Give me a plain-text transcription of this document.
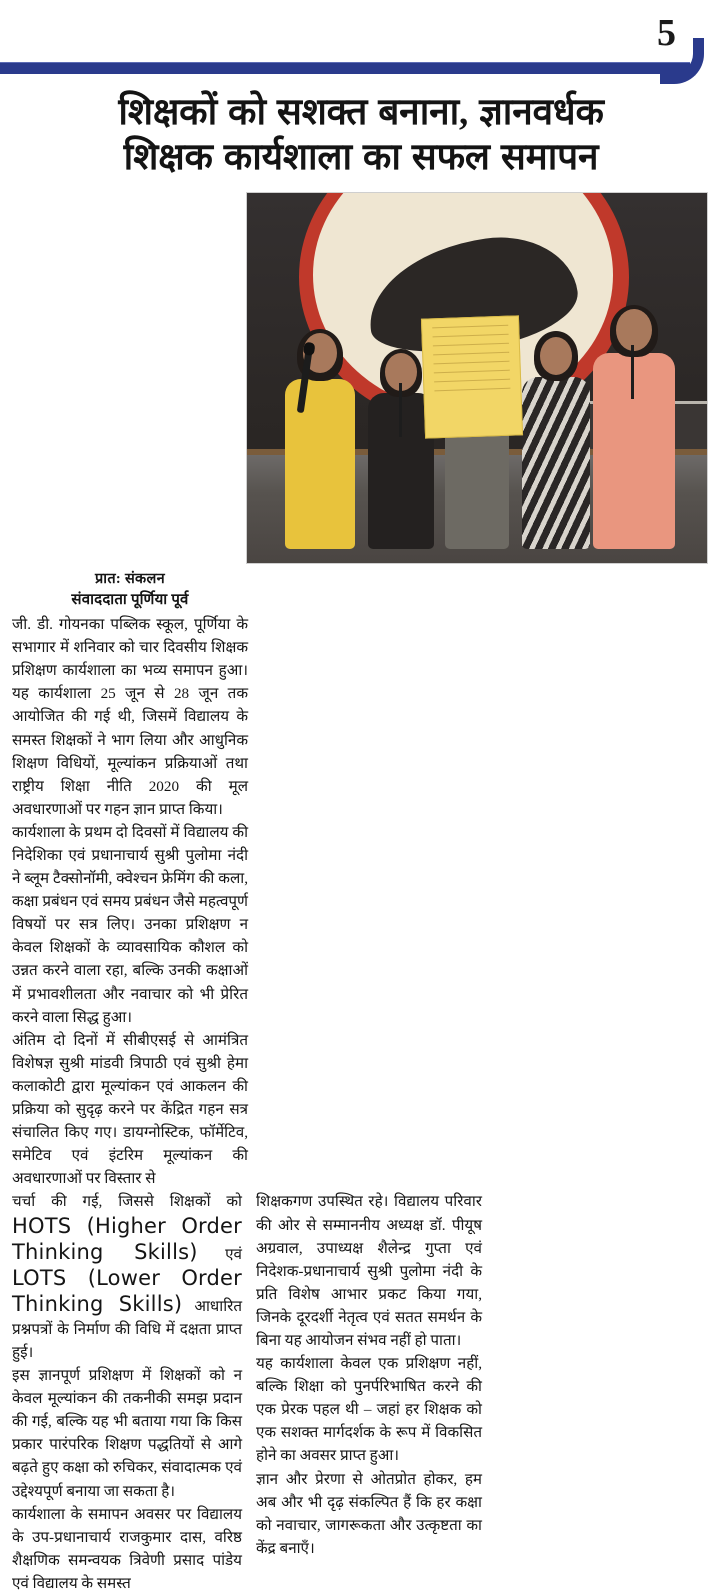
5
शिक्षकों को सशक्त बनाना, ज्ञानवर्धक
शिक्षक कार्यशाला का सफल समापन
प्रात: संकलन
संवाददाता पूर्णिया पूर्व

जी. डी. गोयनका पब्लिक स्कूल, पूर्णिया के सभागार में शनिवार को चार दिवसीय शिक्षक प्रशिक्षण कार्यशाला का भव्य समापन हुआ। यह कार्यशाला 25 जून से 28 जून तक आयोजित की गई थी, जिसमें विद्यालय के समस्त शिक्षकों ने भाग लिया और आधुनिक शिक्षण विधियों, मूल्यांकन प्रक्रियाओं तथा राष्ट्रीय शिक्षा नीति 2020 की मूल अवधारणाओं पर गहन ज्ञान प्राप्त किया।

कार्यशाला के प्रथम दो दिवसों में विद्यालय की निदेशिका एवं प्रधानाचार्य सुश्री पुलोमा नंदी ने ब्लूम टैक्सोनॉमी, क्वेश्चन फ्रेमिंग की कला, कक्षा प्रबंधन एवं समय प्रबंधन जैसे महत्वपूर्ण विषयों पर सत्र लिए। उनका प्रशिक्षण न केवल शिक्षकों के व्यावसायिक कौशल को उन्नत करने वाला रहा, बल्कि उनकी कक्षाओं में प्रभावशीलता और नवाचार को भी प्रेरित करने वाला सिद्ध हुआ।

अंतिम दो दिनों में सीबीएसई से आमंत्रित विशेषज्ञ सुश्री मांडवी त्रिपाठी एवं सुश्री हेमा कलाकोटी द्वारा मूल्यांकन एवं आकलन की प्रक्रिया को सुदृढ़ करने पर केंद्रित गहन सत्र संचालित किए गए। डायग्नोस्टिक, फॉर्मेटिव, समेटिव एवं इंटरिम मूल्यांकन की अवधारणाओं पर विस्तार से

चर्चा की गई, जिससे शिक्षकों को HOTS (Higher Order Thinking Skills) एवं LOTS (Lower Order Thinking Skills) आधारित प्रश्नपत्रों के निर्माण की विधि में दक्षता प्राप्त हुई।

इस ज्ञानपूर्ण प्रशिक्षण में शिक्षकों को न केवल मूल्यांकन की तकनीकी समझ प्रदान की गई, बल्कि यह भी बताया गया कि किस प्रकार पारंपरिक शिक्षण पद्धतियों से आगे बढ़ते हुए कक्षा को रुचिकर, संवादात्मक एवं उद्देश्यपूर्ण बनाया जा सकता है।

कार्यशाला के समापन अवसर पर विद्यालय के उप-प्रधानाचार्य राजकुमार दास, वरिष्ठ शैक्षणिक समन्वयक त्रिवेणी प्रसाद पांडेय एवं विद्यालय के समस्त

शिक्षकगण उपस्थित रहे। विद्यालय परिवार की ओर से सम्माननीय अध्यक्ष डॉ. पीयूष अग्रवाल, उपाध्यक्ष शैलेन्द्र गुप्ता एवं निदेशक-प्रधानाचार्य सुश्री पुलोमा नंदी के प्रति विशेष आभार प्रकट किया गया, जिनके दूरदर्शी नेतृत्व एवं सतत समर्थन के बिना यह आयोजन संभव नहीं हो पाता।

यह कार्यशाला केवल एक प्रशिक्षण नहीं, बल्कि शिक्षा को पुनर्परिभाषित करने की एक प्रेरक पहल थी – जहां हर शिक्षक को एक सशक्त मार्गदर्शक के रूप में विकसित होने का अवसर प्राप्त हुआ।

ज्ञान और प्रेरणा से ओतप्रोत होकर, हम अब और भी दृढ़ संकल्पित हैं कि हर कक्षा को नवाचार, जागरूकता और उत्कृष्टता का केंद्र बनाएँ।
